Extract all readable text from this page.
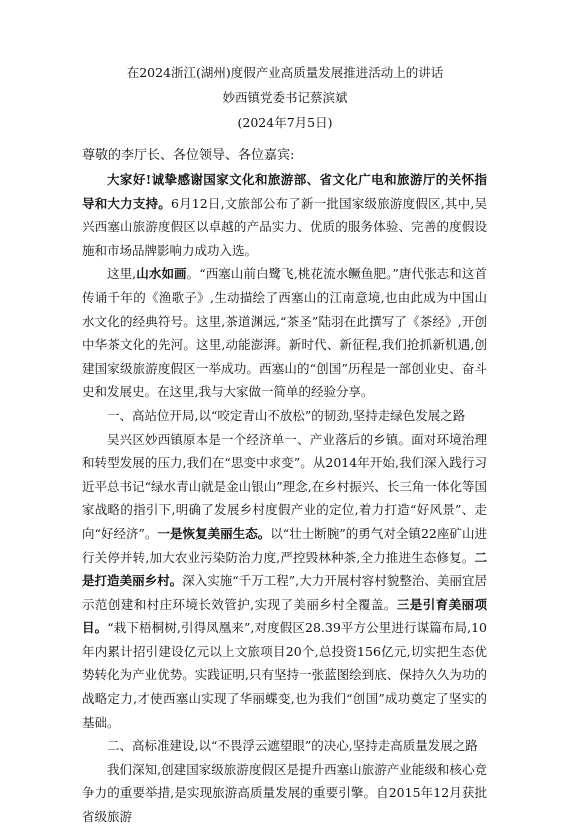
在2024浙江(湖州)度假产业高质量发展推进活动上的讲话
妙西镇党委书记蔡滨斌
(2024年7月5日)
尊敬的李厅长、各位领导、各位嘉宾:

大家好!诚挚感谢国家文化和旅游部、省文化广电和旅游厅的关怀指导和大力支持。6月12日,文旅部公布了新一批国家级旅游度假区,其中,吴兴西塞山旅游度假区以卓越的产品实力、优质的服务体验、完善的度假设施和市场品牌影响力成功入选。

这里,山水如画。“西塞山前白鹭飞,桃花流水鳜鱼肥。”唐代张志和这首传诵千年的《渔歌子》,生动描绘了西塞山的江南意境,也由此成为中国山水文化的经典符号。这里,茶道渊远,“茶圣”陆羽在此撰写了《茶经》,开创中华茶文化的先河。这里,动能澎湃。新时代、新征程,我们抢抓新机遇,创建国家级旅游度假区一举成功。西塞山的“创国”历程是一部创业史、奋斗史和发展史。在这里,我与大家做一简单的经验分享。

一、高站位开局,以“咬定青山不放松”的韧劲,坚持走绿色发展之路

吴兴区妙西镇原本是一个经济单一、产业落后的乡镇。面对环境治理和转型发展的压力,我们在“思变中求变”。从2014年开始,我们深入践行习近平总书记“绿水青山就是金山银山”理念,在乡村振兴、长三角一体化等国家战略的指引下,明确了发展乡村度假产业的定位,着力打造“好风景”、走向“好经济”。一是恢复美丽生态。以“壮士断腕”的勇气对全镇22座矿山进行关停并转,加大农业污染防治力度,严控毁林种茶,全力推进生态修复。二是打造美丽乡村。深入实施“千万工程”,大力开展村容村貌整治、美丽宜居示范创建和村庄环境长效管护,实现了美丽乡村全覆盖。三是引育美丽项目。“栽下梧桐树,引得凤凰来”,对度假区28.39平方公里进行谋篇布局,10年内累计招引建设亿元以上文旅项目20个,总投资156亿元,切实把生态优势转化为产业优势。实践证明,只有坚持一张蓝图绘到底、保持久久为功的战略定力,才使西塞山实现了华丽蝶变,也为我们“创国”成功奠定了坚实的基础。

二、高标准建设,以“不畏浮云遮望眼”的决心,坚持走高质量发展之路

我们深知,创建国家级旅游度假区是提升西塞山旅游产业能级和核心竞争力的重要举措,是实现旅游高质量发展的重要引擎。自2015年12月获批省级旅游
